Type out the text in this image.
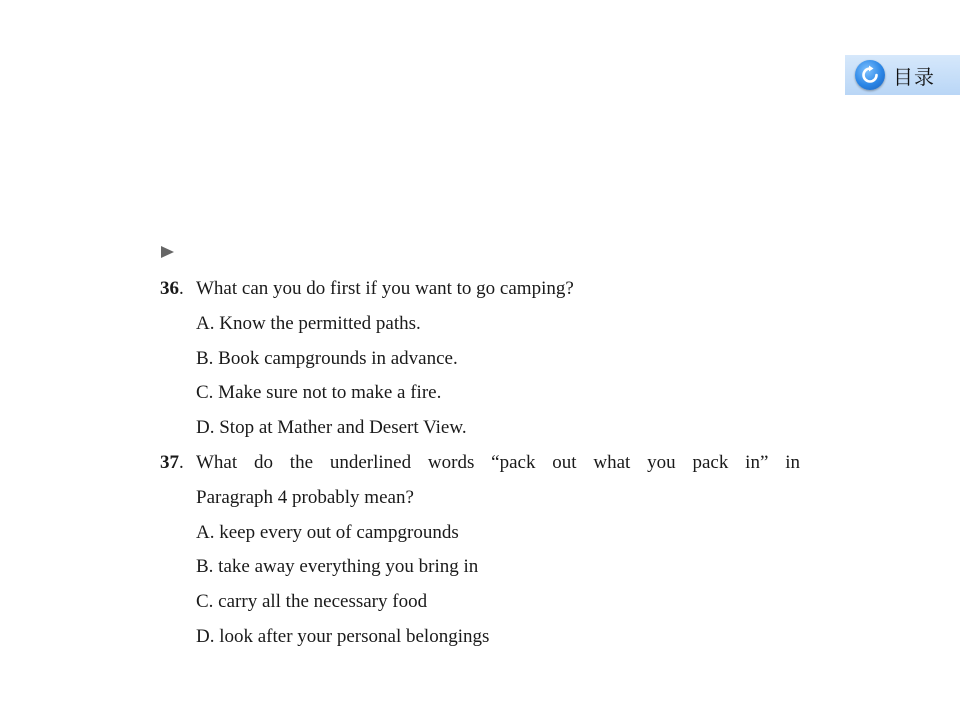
目录
36. What can you do first if you want to go camping?
A. Know the permitted paths.
B. Book campgrounds in advance.
C. Make sure not to make a fire.
D. Stop at Mather and Desert View.
37. What do the underlined words “pack out what you pack in” in
Paragraph 4 probably mean?
A. keep every out of campgrounds
B. take away everything you bring in
C. carry all the necessary food
D. look after your personal belongings
